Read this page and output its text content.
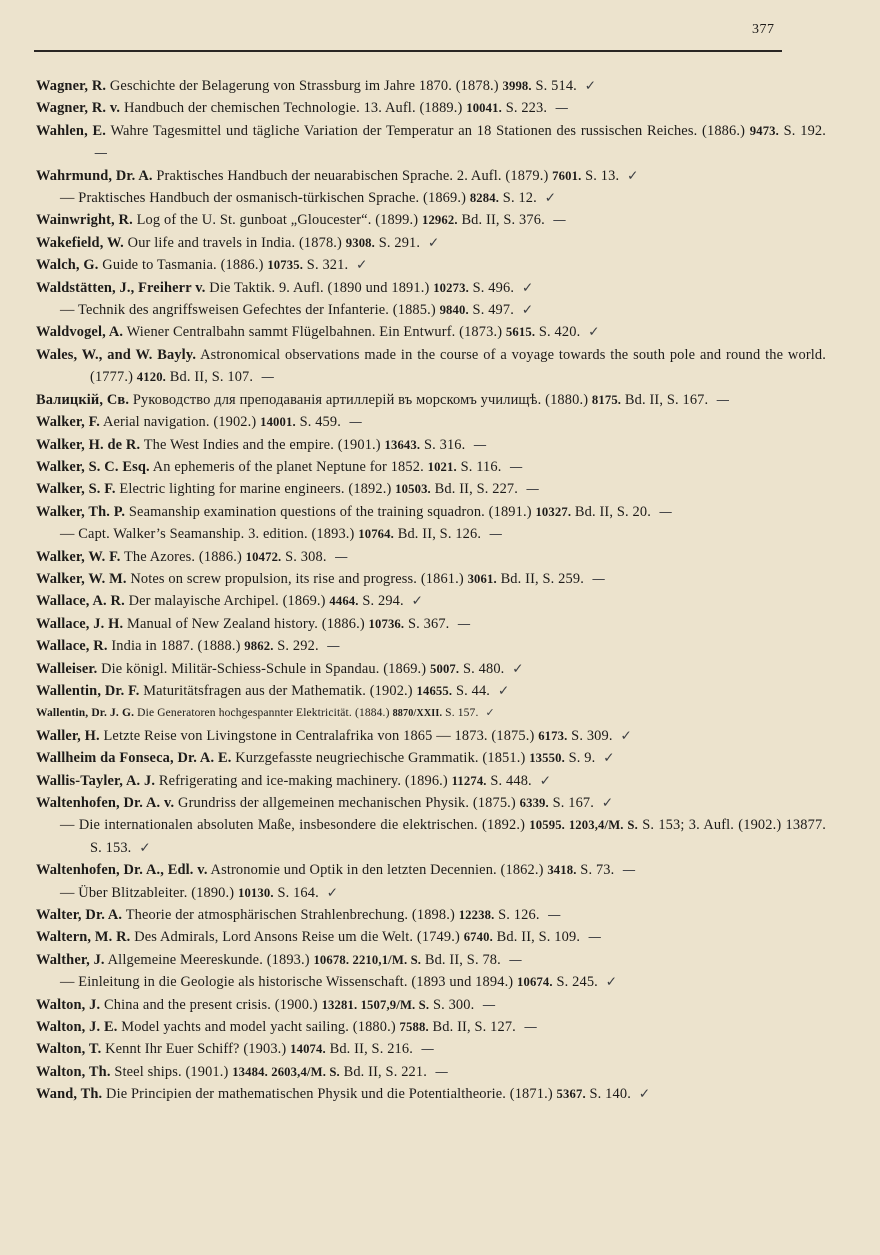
377
Wagner, R. Geschichte der Belagerung von Strassburg im Jahre 1870. (1878.) 3998. S. 514. ✓
Wagner, R. v. Handbuch der chemischen Technologie. 13. Aufl. (1889.) 10041. S. 223. —
Wahlen, E. Wahre Tagesmittel und tägliche Variation der Temperatur an 18 Stationen des russischen Reiches. (1886.) 9473. S. 192. —
Wahrmund, Dr. A. Praktisches Handbuch der neuarabischen Sprache. 2. Aufl. (1879.) 7601. S. 13. ✓
— Praktisches Handbuch der osmanisch-türkischen Sprache. (1869.) 8284. S. 12. ✓
Wainwright, R. Log of the U. St. gunboat „Gloucester“. (1899.) 12962. Bd. II, S. 376. —
Wakefield, W. Our life and travels in India. (1878.) 9308. S. 291. ✓
Walch, G. Guide to Tasmania. (1886.) 10735. S. 321. ✓
Waldstätten, J., Freiherr v. Die Taktik. 9. Aufl. (1890 und 1891.) 10273. S. 496. ✓
— Technik des angriffsweisen Gefechtes der Infanterie. (1885.) 9840. S. 497. ✓
Waldvogel, A. Wiener Centralbahn sammt Flügelbahnen. Ein Entwurf. (1873.) 5615. S. 420. ✓
Wales, W., and W. Bayly. Astronomical observations made in the course of a voyage towards the south pole and round the world. (1777.) 4120. Bd. II, S. 107. —
Валицкій, Св. Руководство для преподаванія артиллерій въ морскомъ училищѣ. (1880.) 8175. Bd. II, S. 167. —
Walker, F. Aerial navigation. (1902.) 14001. S. 459. —
Walker, H. de R. The West Indies and the empire. (1901.) 13643. S. 316. —
Walker, S. C. Esq. An ephemeris of the planet Neptune for 1852. 1021. S. 116. —
Walker, S. F. Electric lighting for marine engineers. (1892.) 10503. Bd. II, S. 227. —
Walker, Th. P. Seamanship examination questions of the training squadron. (1891.) 10327. Bd. II, S. 20. —
— Capt. Walker’s Seamanship. 3. edition. (1893.) 10764. Bd. II, S. 126. —
Walker, W. F. The Azores. (1886.) 10472. S. 308. —
Walker, W. M. Notes on screw propulsion, its rise and progress. (1861.) 3061. Bd. II, S. 259. —
Wallace, A. R. Der malayische Archipel. (1869.) 4464. S. 294. ✓
Wallace, J. H. Manual of New Zealand history. (1886.) 10736. S. 367. —
Wallace, R. India in 1887. (1888.) 9862. S. 292. —
Walleiser. Die königl. Militär-Schiess-Schule in Spandau. (1869.) 5007. S. 480. ✓
Wallentin, Dr. F. Maturitätsfragen aus der Mathematik. (1902.) 14655. S. 44. ✓
Wallentin, Dr. J. G. Die Generatoren hochgespannter Elektricität. (1884.) 8870/XXII. S. 157. ✓
Waller, H. Letzte Reise von Livingstone in Centralafrika von 1865 — 1873. (1875.) 6173. S. 309. ✓
Wallheim da Fonseca, Dr. A. E. Kurzgefasste neugriechische Grammatik. (1851.) 13550. S. 9. ✓
Wallis-Tayler, A. J. Refrigerating and ice-making machinery. (1896.) 11274. S. 448. ✓
Waltenhofen, Dr. A. v. Grundriss der allgemeinen mechanischen Physik. (1875.) 6339. S. 167. ✓
— Die internationalen absoluten Maße, insbesondere die elektrischen. (1892.) 10595. 1203,4/M. S. S. 153; 3. Aufl. (1902.) 13877. S. 153. ✓
Waltenhofen, Dr. A., Edl. v. Astronomie und Optik in den letzten Decennien. (1862.) 3418. S. 73. —
— Über Blitzableiter. (1890.) 10130. S. 164. ✓
Walter, Dr. A. Theorie der atmosphärischen Strahlenbrechung. (1898.) 12238. S. 126. —
Waltern, M. R. Des Admirals, Lord Ansons Reise um die Welt. (1749.) 6740. Bd. II, S. 109. —
Walther, J. Allgemeine Meereskunde. (1893.) 10678. 2210,1/M. S. Bd. II, S. 78. —
— Einleitung in die Geologie als historische Wissenschaft. (1893 und 1894.) 10674. S. 245. ✓
Walton, J. China and the present crisis. (1900.) 13281. 1507,9/M. S. S. 300. —
Walton, J. E. Model yachts and model yacht sailing. (1880.) 7588. Bd. II, S. 127. —
Walton, T. Kennt Ihr Euer Schiff? (1903.) 14074. Bd. II, S. 216. —
Walton, Th. Steel ships. (1901.) 13484. 2603,4/M. S. Bd. II, S. 221. —
Wand, Th. Die Principien der mathematischen Physik und die Potentialtheorie. (1871.) 5367. S. 140. ✓
